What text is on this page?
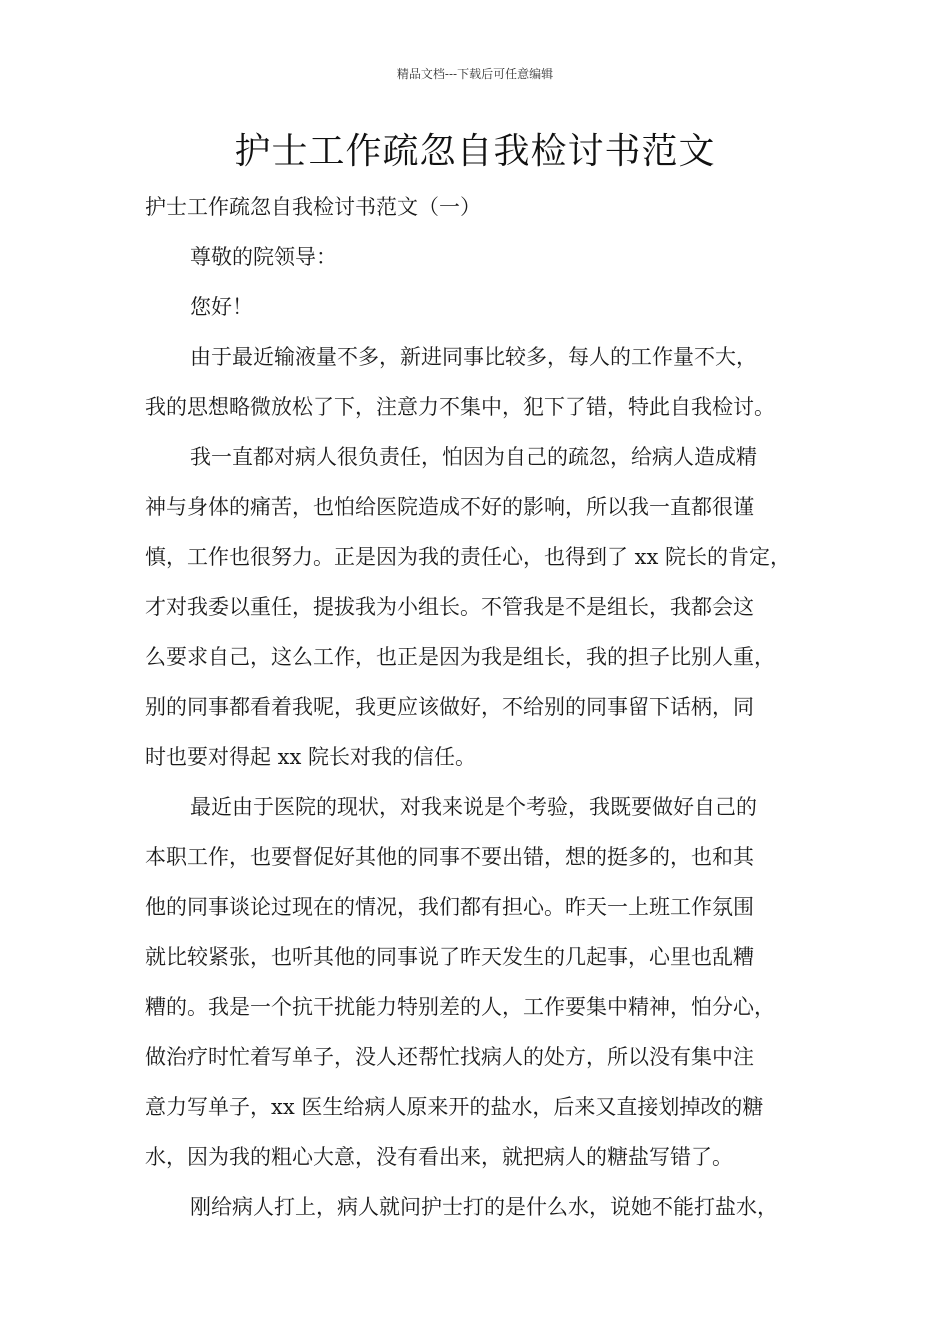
精品文档---下载后可任意编辑
护士工作疏忽自我检讨书范文

护士工作疏忽自我检讨书范文（一）

尊敬的院领导：

您好！

由于最近输液量不多，新进同事比较多，每人的工作量不大，

我的思想略微放松了下，注意力不集中，犯下了错，特此自我检讨。

我一直都对病人很负责任，怕因为自己的疏忽，给病人造成精

神与身体的痛苦，也怕给医院造成不好的影响，所以我一直都很谨

慎，工作也很努力。正是因为我的责任心，也得到了 xx 院长的肯定，

才对我委以重任，提拔我为小组长。不管我是不是组长，我都会这

么要求自己，这么工作，也正是因为我是组长，我的担子比别人重，

别的同事都看着我呢，我更应该做好，不给别的同事留下话柄，同

时也要对得起 xx 院长对我的信任。

最近由于医院的现状，对我来说是个考验，我既要做好自己的

本职工作，也要督促好其他的同事不要出错，想的挺多的，也和其

他的同事谈论过现在的情况，我们都有担心。昨天一上班工作氛围

就比较紧张，也听其他的同事说了昨天发生的几起事，心里也乱糟

糟的。我是一个抗干扰能力特别差的人，工作要集中精神，怕分心，

做治疗时忙着写单子，没人还帮忙找病人的处方，所以没有集中注

意力写单子，xx 医生给病人原来开的盐水，后来又直接划掉改的糖

水，因为我的粗心大意，没有看出来，就把病人的糖盐写错了。

刚给病人打上，病人就问护士打的是什么水，说她不能打盐水，
